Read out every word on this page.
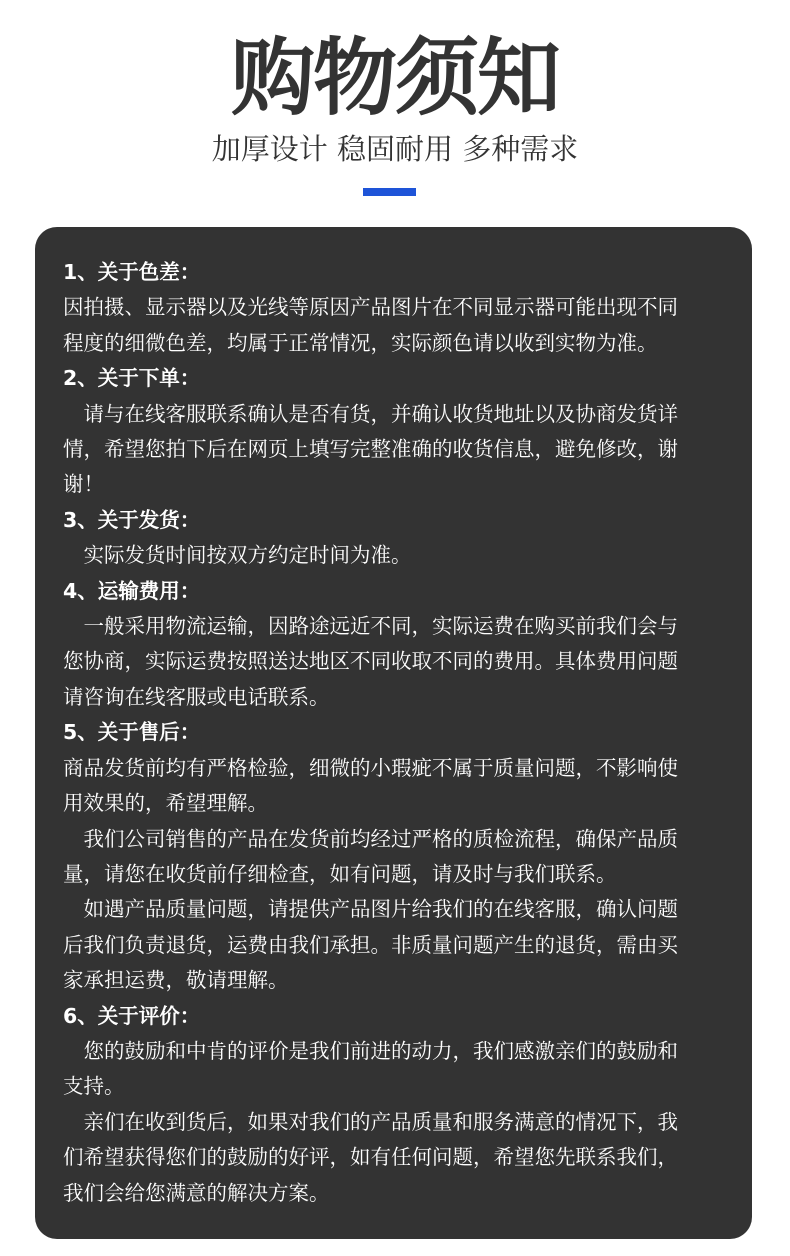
购物须知
加厚设计 稳固耐用 多种需求

1、关于色差：

因拍摄、显示器以及光线等原因产品图片在不同显示器可能出现不同

程度的细微色差，均属于正常情况，实际颜色请以收到实物为准。

2、关于下单：

　请与在线客服联系确认是否有货，并确认收货地址以及协商发货详

情，希望您拍下后在网页上填写完整准确的收货信息，避免修改，谢

谢！

3、关于发货：

　实际发货时间按双方约定时间为准。

4、运输费用：

　一般采用物流运输，因路途远近不同，实际运费在购买前我们会与

您协商，实际运费按照送达地区不同收取不同的费用。具体费用问题

请咨询在线客服或电话联系。

5、关于售后：

商品发货前均有严格检验，细微的小瑕疵不属于质量问题，不影响使

用效果的，希望理解。

　我们公司销售的产品在发货前均经过严格的质检流程，确保产品质

量，请您在收货前仔细检查，如有问题，请及时与我们联系。

　如遇产品质量问题，请提供产品图片给我们的在线客服，确认问题

后我们负责退货，运费由我们承担。非质量问题产生的退货，需由买

家承担运费，敬请理解。

6、关于评价：

　您的鼓励和中肯的评价是我们前进的动力，我们感激亲们的鼓励和

支持。

　亲们在收到货后，如果对我们的产品质量和服务满意的情况下，我

们希望获得您们的鼓励的好评，如有任何问题，希望您先联系我们，

我们会给您满意的解决方案。
